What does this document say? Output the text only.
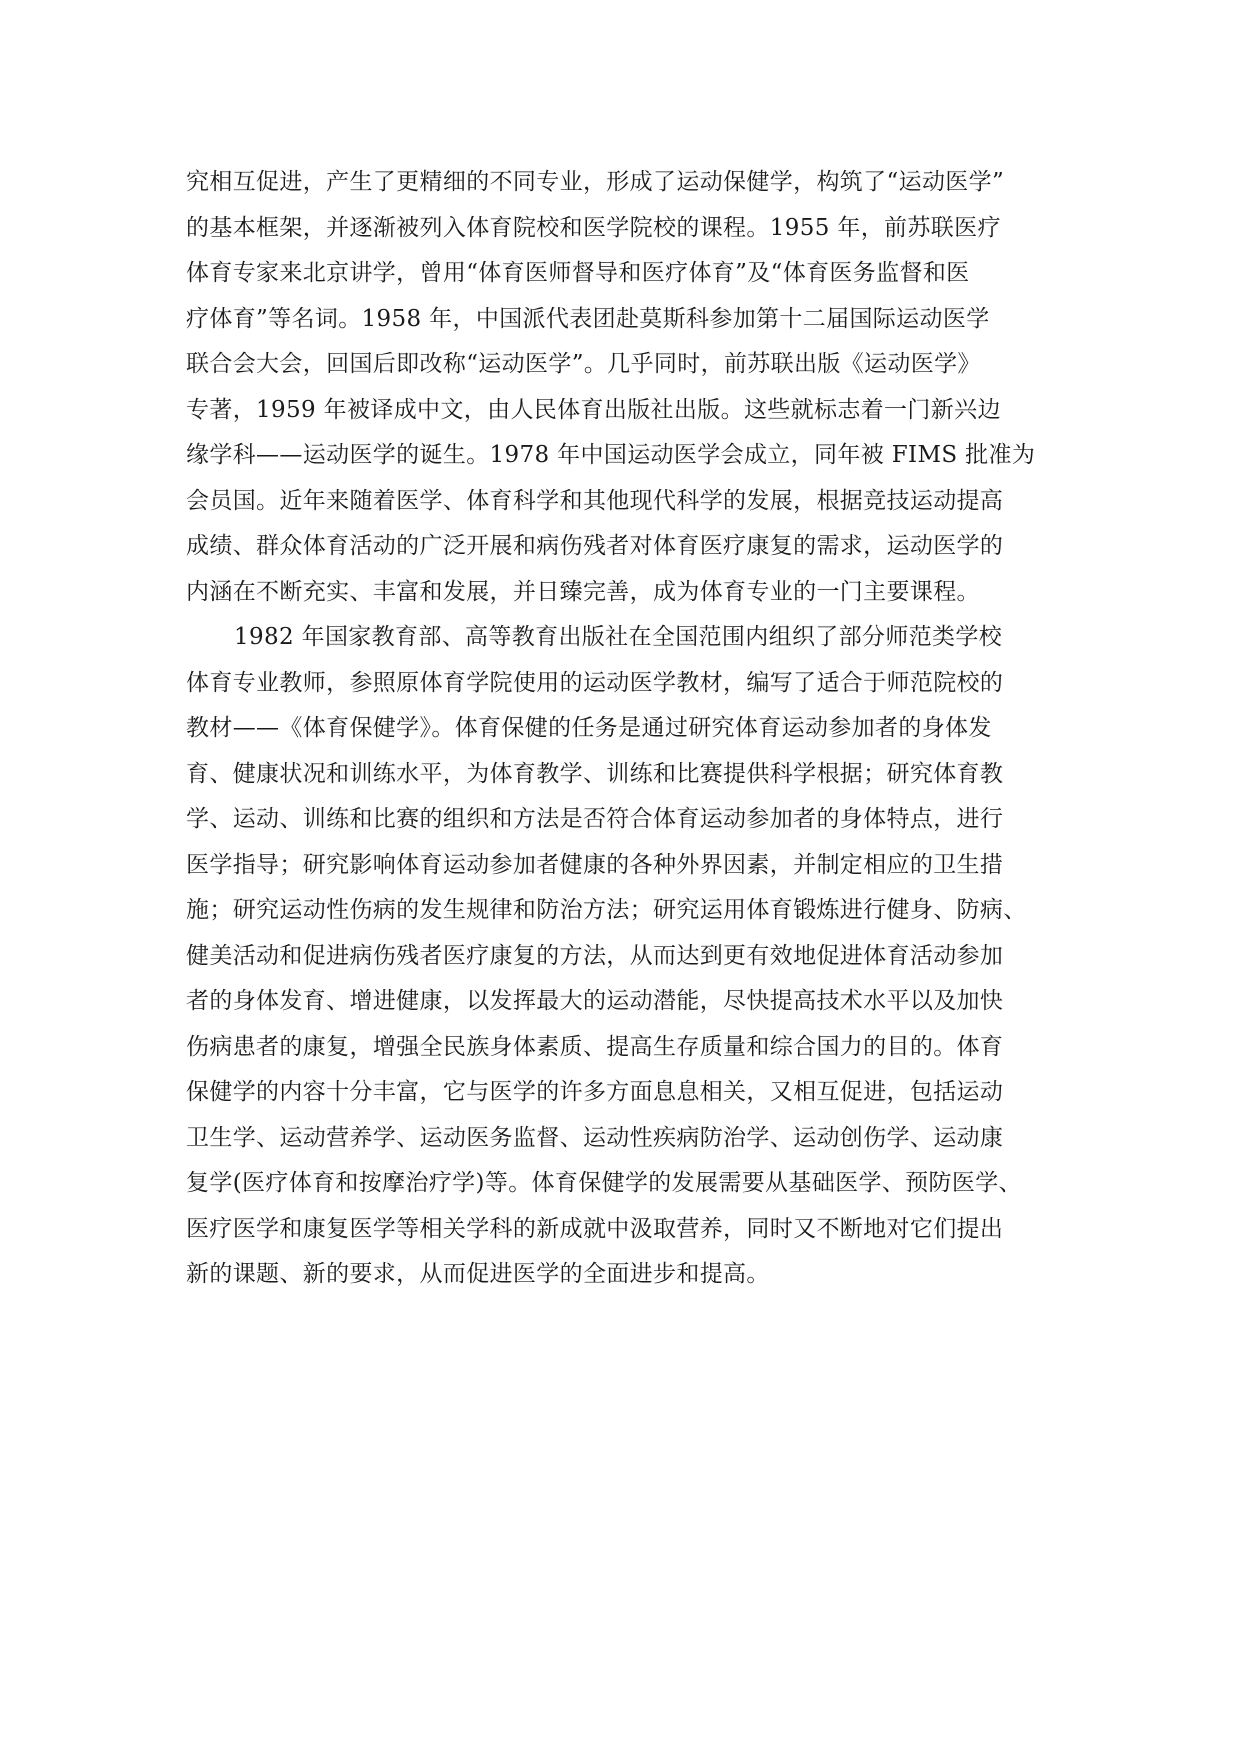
究相互促进，产生了更精细的不同专业，形成了运动保健学，构筑了“运动医学”
的基本框架，并逐渐被列入体育院校和医学院校的课程。1955 年，前苏联医疗
体育专家来北京讲学，曾用“体育医师督导和医疗体育”及“体育医务监督和医
疗体育”等名词。1958 年，中国派代表团赴莫斯科参加第十二届国际运动医学
联合会大会，回国后即改称“运动医学”。几乎同时，前苏联出版《运动医学》
专著，1959 年被译成中文，由人民体育出版社出版。这些就标志着一门新兴边
缘学科——运动医学的诞生。1978 年中国运动医学会成立，同年被 FIMS 批准为
会员国。近年来随着医学、体育科学和其他现代科学的发展，根据竞技运动提高
成绩、群众体育活动的广泛开展和病伤残者对体育医疗康复的需求，运动医学的
内涵在不断充实、丰富和发展，并日臻完善，成为体育专业的一门主要课程。
1982 年国家教育部、高等教育出版社在全国范围内组织了部分师范类学校
体育专业教师，参照原体育学院使用的运动医学教材，编写了适合于师范院校的
教材——《体育保健学》。体育保健的任务是通过研究体育运动参加者的身体发
育、健康状况和训练水平，为体育教学、训练和比赛提供科学根据；研究体育教
学、运动、训练和比赛的组织和方法是否符合体育运动参加者的身体特点，进行
医学指导；研究影响体育运动参加者健康的各种外界因素，并制定相应的卫生措
施；研究运动性伤病的发生规律和防治方法；研究运用体育锻炼进行健身、防病、
健美活动和促进病伤残者医疗康复的方法，从而达到更有效地促进体育活动参加
者的身体发育、增进健康，以发挥最大的运动潜能，尽快提高技术水平以及加快
伤病患者的康复，增强全民族身体素质、提高生存质量和综合国力的目的。体育
保健学的内容十分丰富，它与医学的许多方面息息相关，又相互促进，包括运动
卫生学、运动营养学、运动医务监督、运动性疾病防治学、运动创伤学、运动康
复学(医疗体育和按摩治疗学)等。体育保健学的发展需要从基础医学、预防医学、
医疗医学和康复医学等相关学科的新成就中汲取营养，同时又不断地对它们提出
新的课题、新的要求，从而促进医学的全面进步和提高。
